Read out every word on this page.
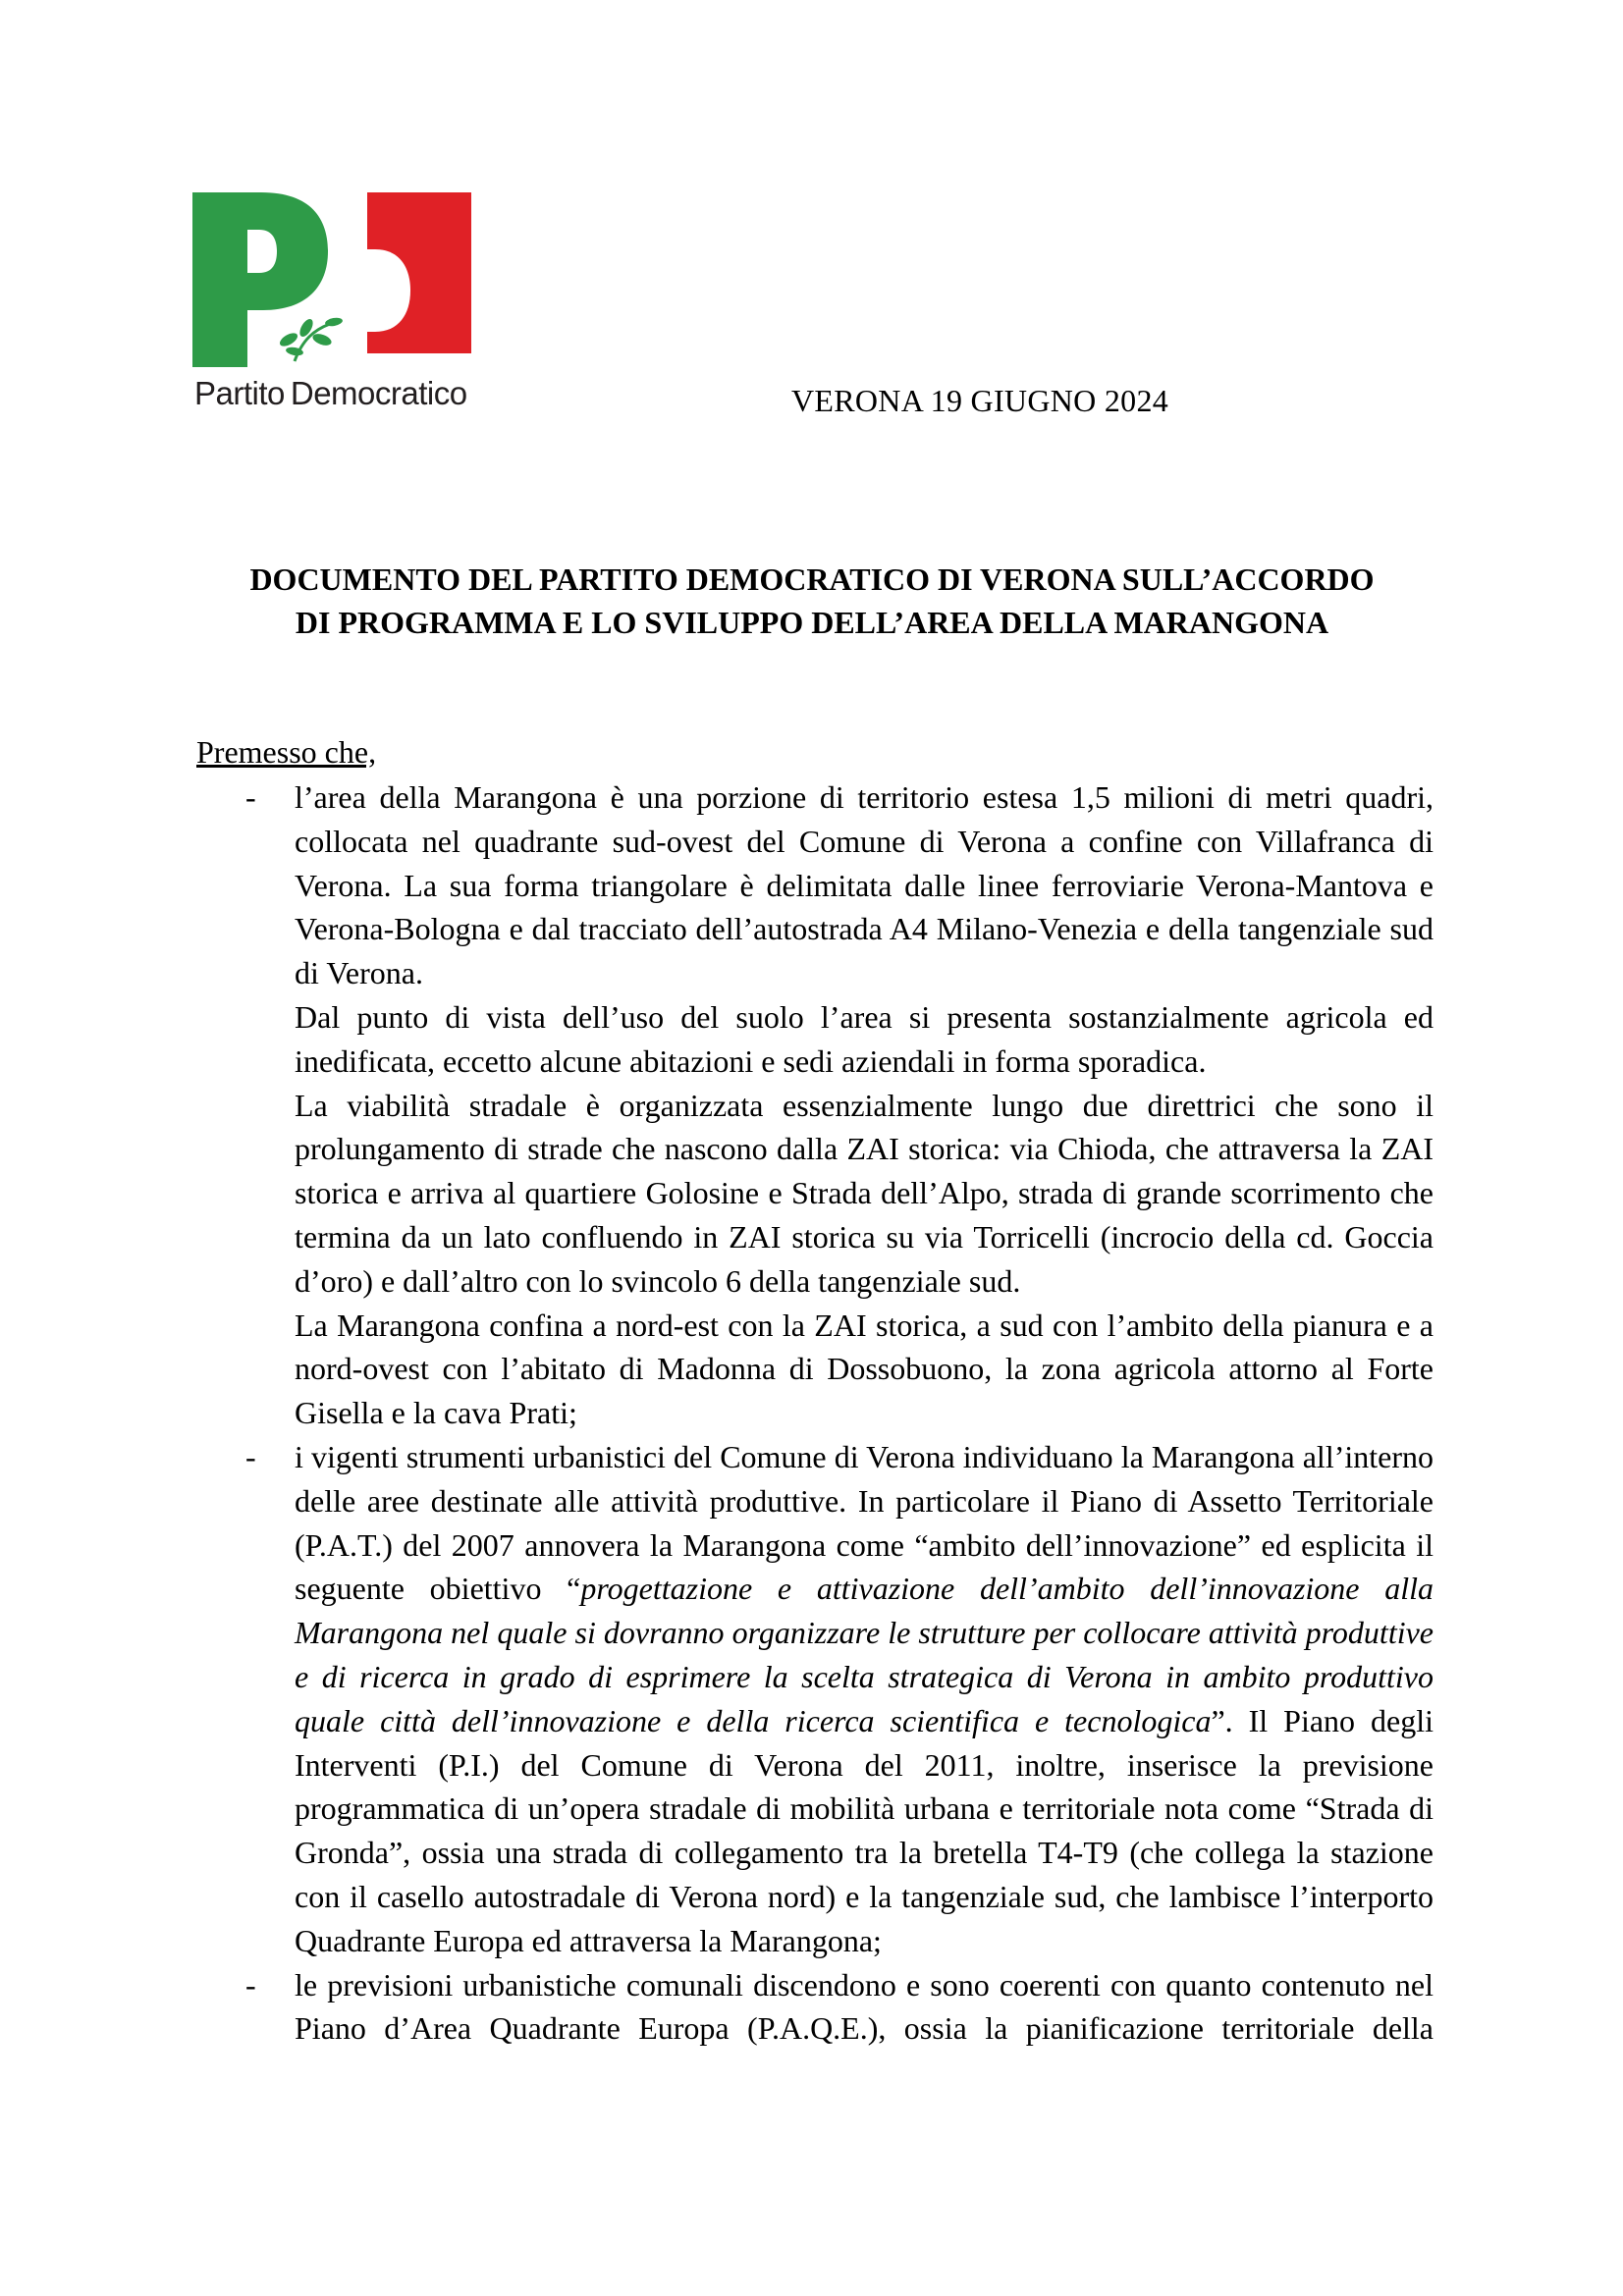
Partito Democratico	VERONA 19 GIUGNO 2024
DOCUMENTO DEL PARTITO DEMOCRATICO DI VERONA SULL’ACCORDO
DI PROGRAMMA E LO SVILUPPO DELL’AREA DELLA MARANGONA
Premesso che,
- l’area della Marangona è una porzione di territorio estesa 1,5 milioni di metri quadri, collocata nel quadrante sud-ovest del Comune di Verona a confine con Villafranca di Verona. La sua forma triangolare è delimitata dalle linee ferroviarie Verona-Mantova e Verona-Bologna e dal tracciato dell’autostrada A4 Milano-Venezia e della tangenziale sud di Verona.

Dal punto di vista dell’uso del suolo l’area si presenta sostanzialmente agricola ed inedificata, eccetto alcune abitazioni e sedi aziendali in forma sporadica.

La viabilità stradale è organizzata essenzialmente lungo due direttrici che sono il prolungamento di strade che nascono dalla ZAI storica: via Chioda, che attraversa la ZAI storica e arriva al quartiere Golosine e Strada dell’Alpo, strada di grande scorrimento che termina da un lato confluendo in ZAI storica su via Torricelli (incrocio della cd. Goccia d’oro) e dall’altro con lo svincolo 6 della tangenziale sud.

La Marangona confina a nord-est con la ZAI storica, a sud con l’ambito della pianura e a nord-ovest con l’abitato di Madonna di Dossobuono, la zona agricola attorno al Forte Gisella e la cava Prati;

- i vigenti strumenti urbanistici del Comune di Verona individuano la Marangona all’interno delle aree destinate alle attività produttive. In particolare il Piano di Assetto Territoriale (P.A.T.) del 2007 annovera la Marangona come “ambito dell’innovazione” ed esplicita il seguente obiettivo “progettazione e attivazione dell’ambito dell’innovazione alla Marangona nel quale si dovranno organizzare le strutture per collocare attività produttive e di ricerca in grado di esprimere la scelta strategica di Verona in ambito produttivo quale città dell’innovazione e della ricerca scientifica e tecnologica”. Il Piano degli Interventi (P.I.) del Comune di Verona del 2011, inoltre, inserisce la previsione programmatica di un’opera stradale di mobilità urbana e territoriale nota come “Strada di Gronda”, ossia una strada di collegamento tra la bretella T4-T9 (che collega la stazione con il casello autostradale di Verona nord) e la tangenziale sud, che lambisce l’interporto Quadrante Europa ed attraversa la Marangona;

- le previsioni urbanistiche comunali discendono e sono coerenti con quanto contenuto nel Piano d’Area Quadrante Europa (P.A.Q.E.), ossia la pianificazione territoriale della
